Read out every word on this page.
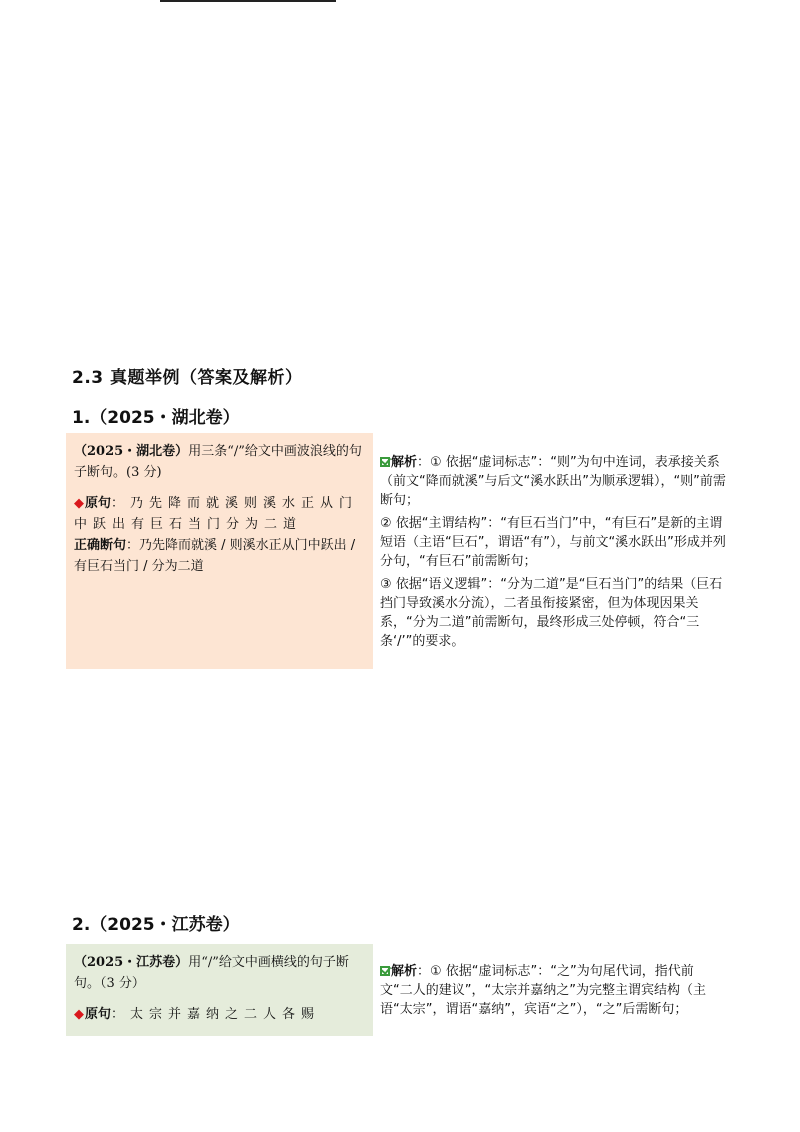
2.3 真题举例（答案及解析）
1.（2025・湖北卷）

（2025・湖北卷）用三条“/”给文中画波浪线的句子断句。(3 分)

◆原句：乃先降而就溪则溪水正从门中跃出有巨石当门分为二道

正确断句：乃先降而就溪 / 则溪水正从门中跃出 / 有巨石当门 / 分为二道

解析：① 依据“虚词标志”：“则”为句中连词，表承接关系（前文“降而就溪”与后文“溪水跃出”为顺承逻辑），“则”前需断句；

② 依据“主谓结构”：“有巨石当门”中，“有巨石”是新的主谓短语（主语“巨石”，谓语“有”），与前文“溪水跃出”形成并列分句，“有巨石”前需断句；

③ 依据“语义逻辑”：“分为二道”是“巨石当门”的结果（巨石挡门导致溪水分流），二者虽衔接紧密，但为体现因果关系，“分为二道”前需断句，最终形成三处停顿，符合“三条‘/’”的要求。

2.（2025・江苏卷）

（2025・江苏卷）用“/”给文中画横线的句子断句。（3 分）

◆原句：太宗并嘉纳之二人各赐

解析：① 依据“虚词标志”：“之”为句尾代词，指代前文“二人的建议”，“太宗并嘉纳之”为完整主谓宾结构（主语“太宗”，谓语“嘉纳”，宾语“之”），“之”后需断句；
